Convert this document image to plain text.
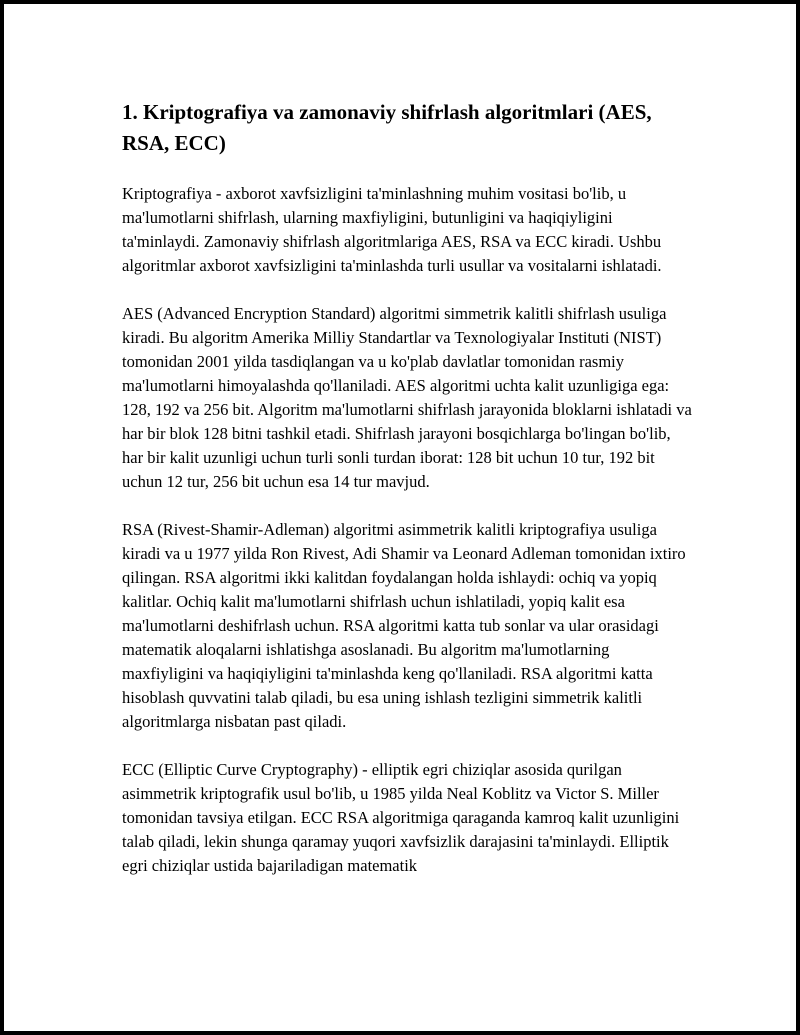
1. Kriptografiya va zamonaviy shifrlash algoritmlari (AES, RSA, ECC)

Kriptografiya - axborot xavfsizligini ta'minlashning muhim vositasi bo'lib, u ma'lumotlarni shifrlash, ularning maxfiyligini, butunligini va haqiqiyligini ta'minlaydi. Zamonaviy shifrlash algoritmlariga AES, RSA va ECC kiradi. Ushbu algoritmlar axborot xavfsizligini ta'minlashda turli usullar va vositalarni ishlatadi.

AES (Advanced Encryption Standard) algoritmi simmetrik kalitli shifrlash usuliga kiradi. Bu algoritm Amerika Milliy Standartlar va Texnologiyalar Instituti (NIST) tomonidan 2001 yilda tasdiqlangan va u ko'plab davlatlar tomonidan rasmiy ma'lumotlarni himoyalashda qo'llaniladi. AES algoritmi uchta kalit uzunligiga ega: 128, 192 va 256 bit. Algoritm ma'lumotlarni shifrlash jarayonida bloklarni ishlatadi va har bir blok 128 bitni tashkil etadi. Shifrlash jarayoni bosqichlarga bo'lingan bo'lib, har bir kalit uzunligi uchun turli sonli turdan iborat: 128 bit uchun 10 tur, 192 bit uchun 12 tur, 256 bit uchun esa 14 tur mavjud.

RSA (Rivest-Shamir-Adleman) algoritmi asimmetrik kalitli kriptografiya usuliga kiradi va u 1977 yilda Ron Rivest, Adi Shamir va Leonard Adleman tomonidan ixtiro qilingan. RSA algoritmi ikki kalitdan foydalangan holda ishlaydi: ochiq va yopiq kalitlar. Ochiq kalit ma'lumotlarni shifrlash uchun ishlatiladi, yopiq kalit esa ma'lumotlarni deshifrlash uchun. RSA algoritmi katta tub sonlar va ular orasidagi matematik aloqalarni ishlatishga asoslanadi. Bu algoritm ma'lumotlarning maxfiyligini va haqiqiyligini ta'minlashda keng qo'llaniladi. RSA algoritmi katta hisoblash quvvatini talab qiladi, bu esa uning ishlash tezligini simmetrik kalitli algoritmlarga nisbatan past qiladi.

ECC (Elliptic Curve Cryptography) - elliptik egri chiziqlar asosida qurilgan asimmetrik kriptografik usul bo'lib, u 1985 yilda Neal Koblitz va Victor S. Miller tomonidan tavsiya etilgan. ECC RSA algoritmiga qaraganda kamroq kalit uzunligini talab qiladi, lekin shunga qaramay yuqori xavfsizlik darajasini ta'minlaydi. Elliptik egri chiziqlar ustida bajariladigan matematik
